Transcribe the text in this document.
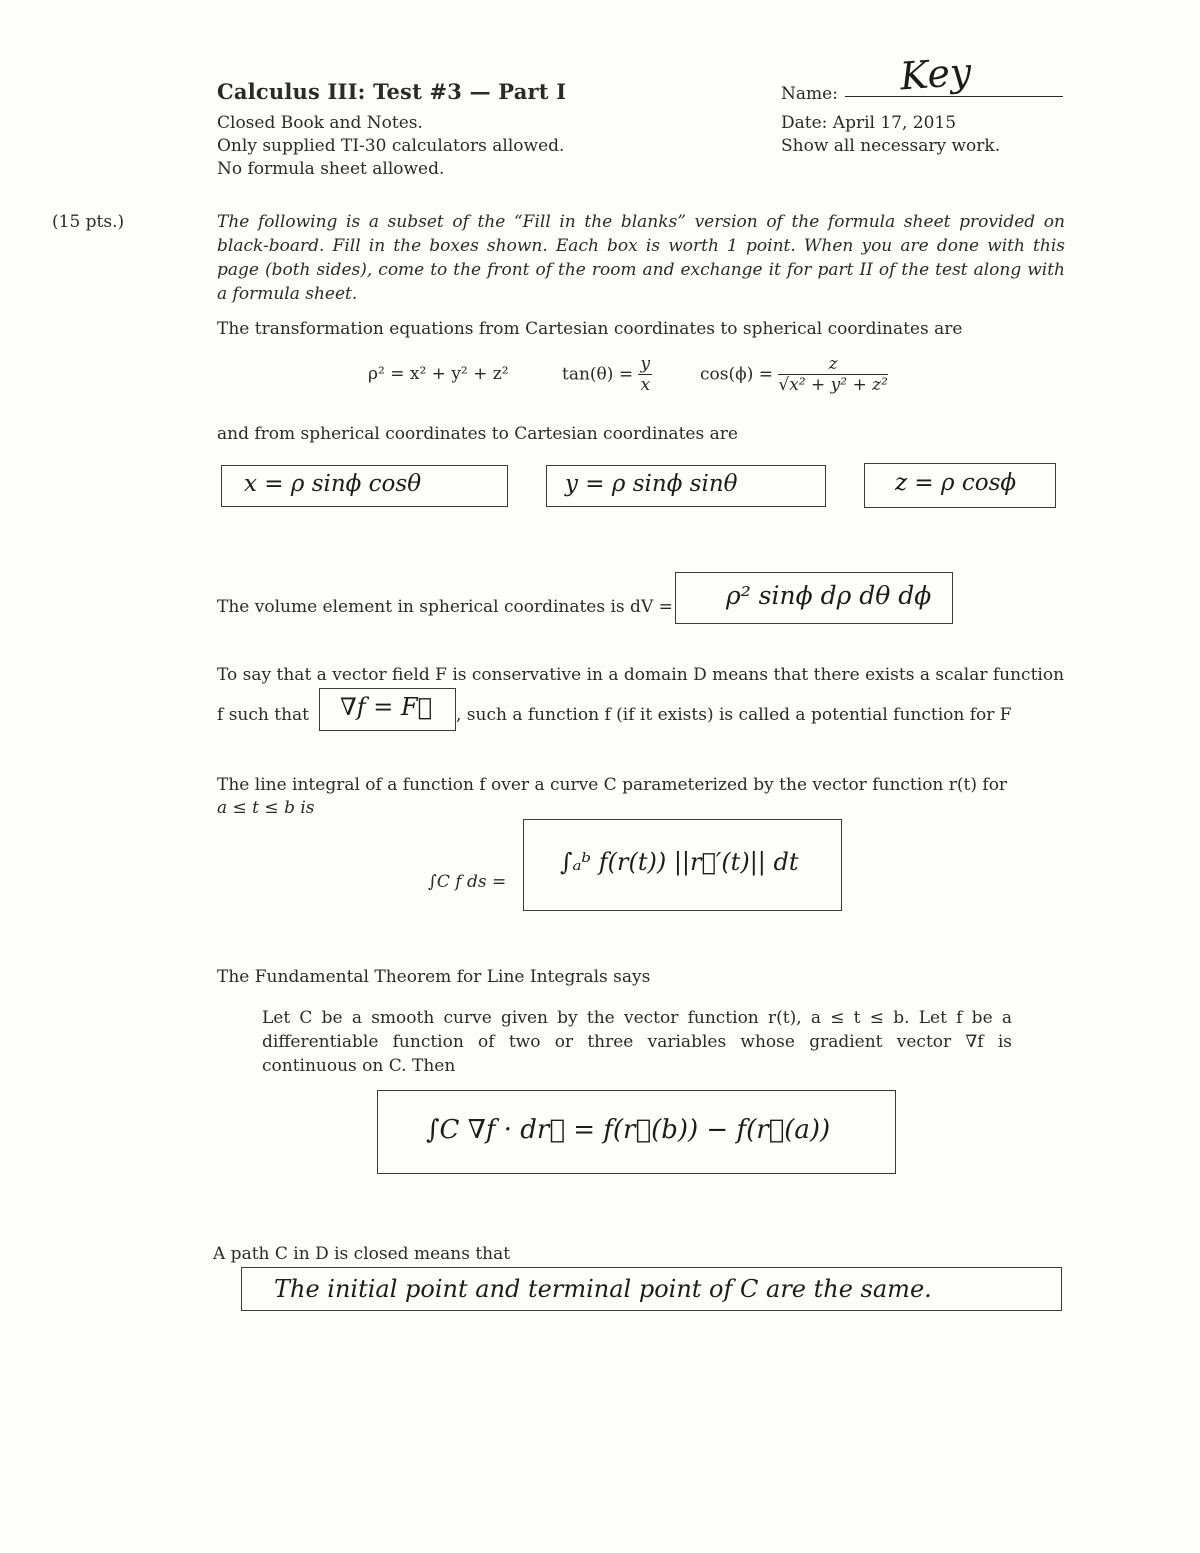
Calculus III: Test #3 — Part I
Closed Book and Notes.
Only supplied TI-30 calculators allowed.
No formula sheet allowed.
Name: Key
Date: April 17, 2015
Show all necessary work.
(15 pts.)	The following is a subset of the “Fill in the blanks” version of the formula sheet provided on black-board. Fill in the boxes shown. Each box is worth 1 point. When you are done with this page (both sides), come to the front of the room and exchange it for part II of the test along with a formula sheet.
The transformation equations from Cartesian coordinates to spherical coordinates are
ρ² = x² + y² + z²	$\tan(\theta) = \frac{y}{x}$	$\cos(\phi) = \frac{z}{\text{√x² + y² + z²}}$
and from spherical coordinates to Cartesian coordinates are
x = ρ sinϕ cosθ	y = ρ sinϕ sinθ	z = ρ cosϕ
The volume element in spherical coordinates is dV = ρ² sinϕ dρ dθ dϕ
To say that a vector field F is conservative in a domain D means that there exists a scalar function
f such that ∇f = F⃗ , such a function f (if it exists) is called a potential function for F
The line integral of a function f over a curve C parameterized by the vector function r(t) for
a ≤ t ≤ b is
∫C f ds =
∫ₐᵇ f(r(t)) ||r⃗′(t)|| dt
The Fundamental Theorem for Line Integrals says
Let C be a smooth curve given by the vector function r(t), a ≤ t ≤ b. Let f be a differentiable function of two or three variables whose gradient vector ∇f is continuous on C. Then
∫C ∇f · dr⃗ = f(r⃗(b)) − f(r⃗(a))
A path C in D is closed means that
The initial point and terminal point of C are the same.
